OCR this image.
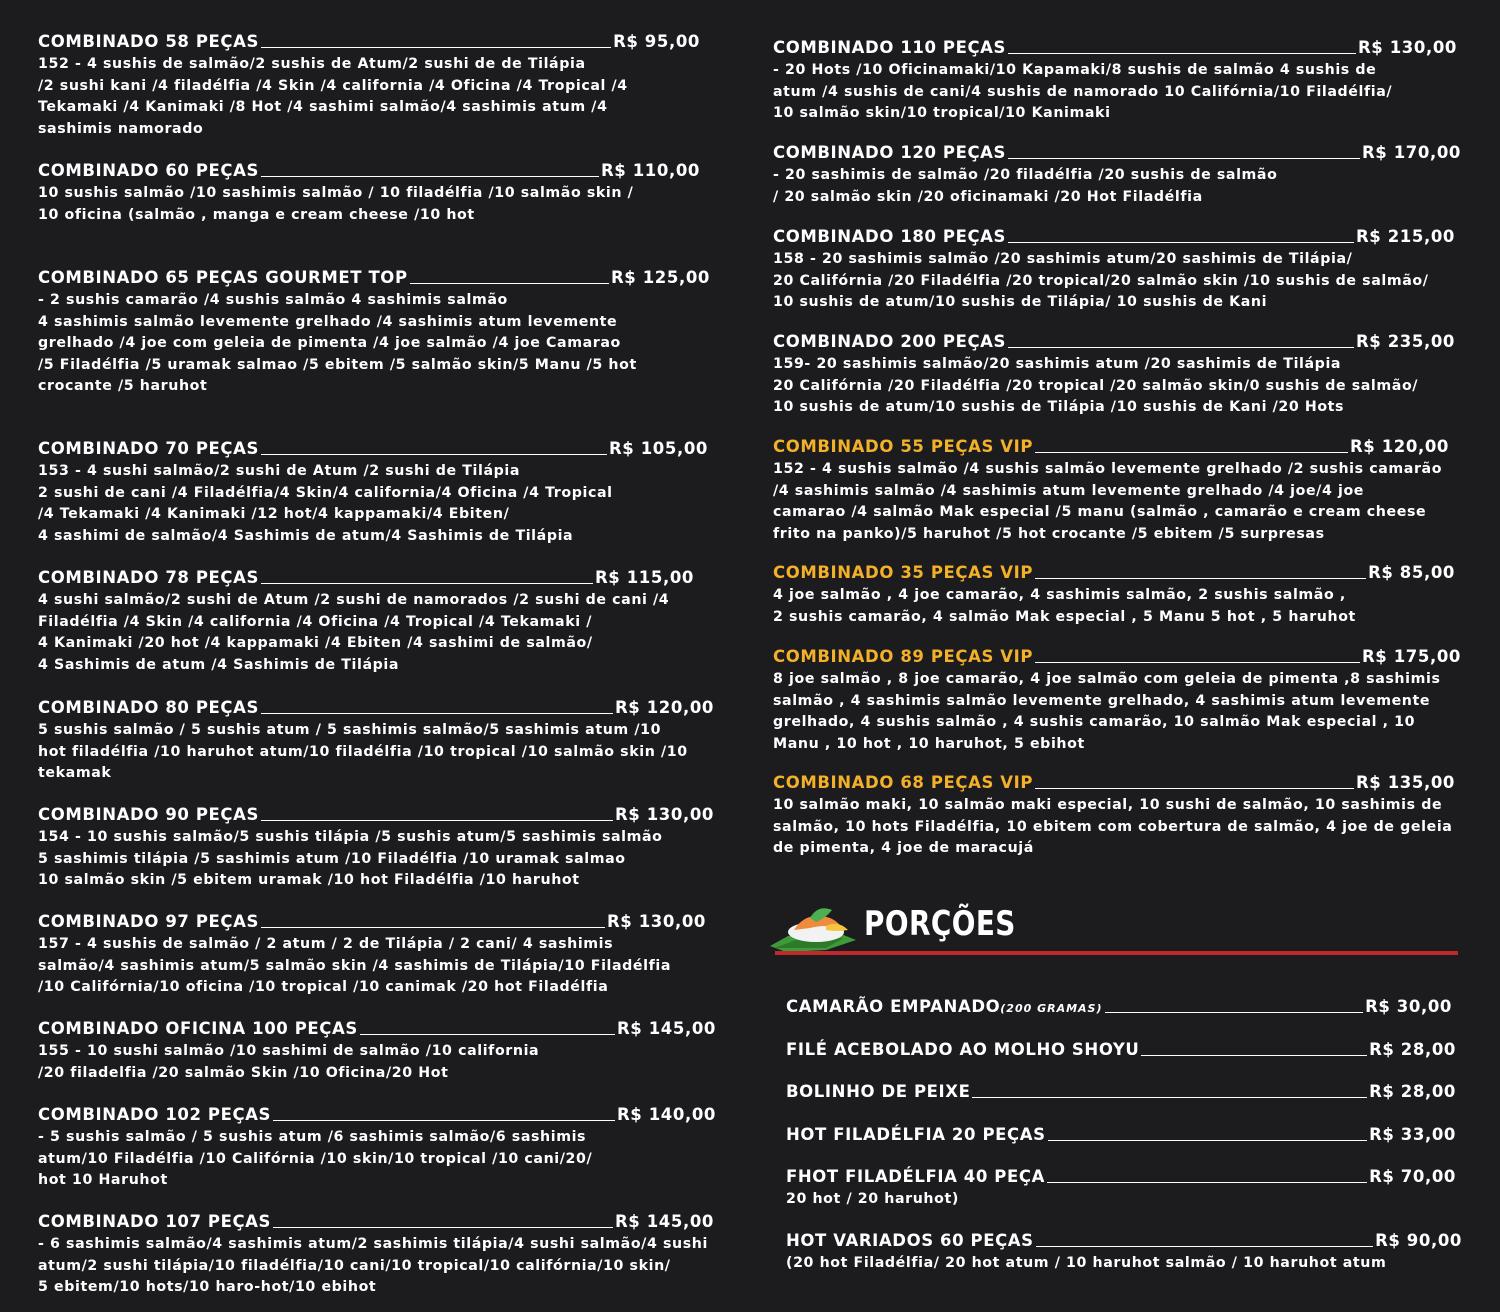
COMBINADO 58 PEÇAS	R$ 95,00
152 - 4 sushis de salmão/2 sushis de Atum/2 sushi de de Tilápia
/2 sushi kani /4 filadélfia /4 Skin /4 california /4 Oficina /4 Tropical /4
Tekamaki /4 Kanimaki /8 Hot /4 sashimi salmão/4 sashimis atum /4
sashimis namorado
COMBINADO 60 PEÇAS	R$ 110,00
10 sushis salmão /10 sashimis salmão / 10 filadélfia /10 salmão skin /
10 oficina (salmão , manga e cream cheese /10 hot
COMBINADO 65 PEÇAS GOURMET TOP	R$ 125,00
- 2 sushis camarão /4 sushis salmão 4 sashimis salmão
4 sashimis salmão levemente grelhado /4 sashimis atum levemente
grelhado /4 joe com geleia de pimenta /4 joe salmão /4 joe Camarao
/5 Filadélfia /5 uramak salmao /5 ebitem /5 salmão skin/5 Manu /5 hot
crocante /5 haruhot
COMBINADO 70 PEÇAS	R$ 105,00
153 - 4 sushi salmão/2 sushi de Atum /2 sushi de Tilápia
2 sushi de cani /4 Filadélfia/4 Skin/4 california/4 Oficina /4 Tropical
/4 Tekamaki /4 Kanimaki /12 hot/4 kappamaki/4 Ebiten/
4 sashimi de salmão/4 Sashimis de atum/4 Sashimis de Tilápia
COMBINADO 78 PEÇAS	R$ 115,00
4 sushi salmão/2 sushi de Atum /2 sushi de namorados /2 sushi de cani /4
Filadélfia /4 Skin /4 california /4 Oficina /4 Tropical /4 Tekamaki /
4 Kanimaki /20 hot /4 kappamaki /4 Ebiten /4 sashimi de salmão/
4 Sashimis de atum /4 Sashimis de Tilápia
COMBINADO 80 PEÇAS	R$ 120,00
5 sushis salmão / 5 sushis atum / 5 sashimis salmão/5 sashimis atum /10
hot filadélfia /10 haruhot atum/10 filadélfia /10 tropical /10 salmão skin /10
tekamak
COMBINADO 90 PEÇAS	R$ 130,00
154 - 10 sushis salmão/5 sushis tilápia /5 sushis atum/5 sashimis salmão
5 sashimis tilápia /5 sashimis atum /10 Filadélfia /10 uramak salmao
10 salmão skin /5 ebitem uramak /10 hot Filadélfia /10 haruhot
COMBINADO 97 PEÇAS	R$ 130,00
157 - 4 sushis de salmão / 2 atum / 2 de Tilápia / 2 cani/ 4 sashimis
salmão/4 sashimis atum/5 salmão skin /4 sashimis de Tilápia/10 Filadélfia
/10 Califórnia/10 oficina /10 tropical /10 canimak /20 hot Filadélfia
COMBINADO OFICINA 100 PEÇAS	R$ 145,00
155 - 10 sushi salmão /10 sashimi de salmão /10 california
/20 filadelfia /20 salmão Skin /10 Oficina/20 Hot
COMBINADO 102 PEÇAS	R$ 140,00
- 5 sushis salmão / 5 sushis atum /6 sashimis salmão/6 sashimis
atum/10 Filadélfia /10 Califórnia /10 skin/10 tropical /10 cani/20/
hot 10 Haruhot
COMBINADO 107 PEÇAS	R$ 145,00
- 6 sashimis salmão/4 sashimis atum/2 sashimis tilápia/4 sushi salmão/4 sushi
atum/2 sushi tilápia/10 filadélfia/10 cani/10 tropical/10 califórnia/10 skin/
5 ebitem/10 hots/10 haro-hot/10 ebihot
COMBINADO 110 PEÇAS	R$ 130,00
- 20 Hots /10 Oficinamaki/10 Kapamaki/8 sushis de salmão 4 sushis de
atum /4 sushis de cani/4 sushis de namorado 10 Califórnia/10 Filadélfia/
10 salmão skin/10 tropical/10 Kanimaki
COMBINADO 120 PEÇAS	R$ 170,00
- 20 sashimis de salmão /20 filadélfia /20 sushis de salmão
/ 20 salmão skin /20 oficinamaki /20 Hot Filadélfia
COMBINADO 180 PEÇAS	R$ 215,00
158 - 20 sashimis salmão /20 sashimis atum/20 sashimis de Tilápia/
20 Califórnia /20 Filadélfia /20 tropical/20 salmão skin /10 sushis de salmão/
10 sushis de atum/10 sushis de Tilápia/ 10 sushis de Kani
COMBINADO 200 PEÇAS	R$ 235,00
159- 20 sashimis salmão/20 sashimis atum /20 sashimis de Tilápia
20 Califórnia /20 Filadélfia /20 tropical /20 salmão skin/0 sushis de salmão/
10 sushis de atum/10 sushis de Tilápia /10 sushis de Kani /20 Hots
COMBINADO 55 PEÇAS VIP	R$ 120,00
152 - 4 sushis salmão /4 sushis salmão levemente grelhado /2 sushis camarão
/4 sashimis salmão /4 sashimis atum levemente grelhado /4 joe/4 joe
camarao /4 salmão Mak especial /5 manu (salmão , camarão e cream cheese
frito na panko)/5 haruhot /5 hot crocante /5 ebitem /5 surpresas
COMBINADO 35 PEÇAS VIP	R$ 85,00
4 joe salmão , 4 joe camarão, 4 sashimis salmão, 2 sushis salmão ,
2 sushis camarão, 4 salmão Mak especial , 5 Manu 5 hot , 5 haruhot
COMBINADO 89 PEÇAS VIP	R$ 175,00
8 joe salmão , 8 joe camarão, 4 joe salmão com geleia de pimenta ,8 sashimis
salmão , 4 sashimis salmão levemente grelhado, 4 sashimis atum levemente
grelhado, 4 sushis salmão , 4 sushis camarão, 10 salmão Mak especial , 10
Manu , 10 hot , 10 haruhot, 5 ebihot
COMBINADO 68 PEÇAS VIP	R$ 135,00
10 salmão maki, 10 salmão maki especial, 10 sushi de salmão, 10 sashimis de
salmão, 10 hots Filadélfia, 10 ebitem com cobertura de salmão, 4 joe de geleia
de pimenta, 4 joe de maracujá
PORÇÕES
CAMARÃO EMPANADO(200 GRAMAS)	R$ 30,00
FILÉ ACEBOLADO AO MOLHO SHOYU	R$ 28,00
BOLINHO DE PEIXE	R$ 28,00
HOT FILADÉLFIA 20 PEÇAS	R$ 33,00
FHOT FILADÉLFIA 40 PEÇA	R$ 70,00
20 hot / 20 haruhot)
HOT VARIADOS 60 PEÇAS	R$ 90,00
(20 hot Filadélfia/ 20 hot atum / 10 haruhot salmão / 10 haruhot atum
